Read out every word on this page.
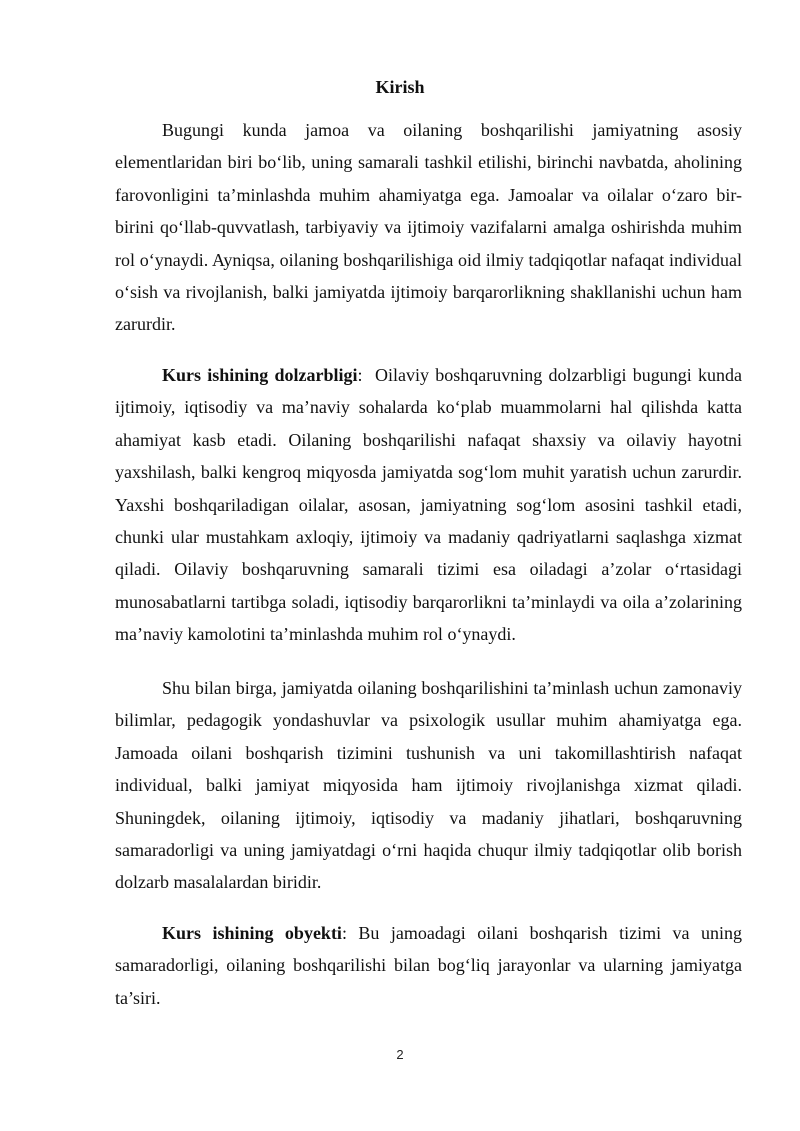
Kirish

Bugungi kunda jamoa va oilaning boshqarilishi jamiyatning asosiy elementlaridan biri bo‘lib, uning samarali tashkil etilishi, birinchi navbatda, aholining farovonligini ta’minlashda muhim ahamiyatga ega. Jamoalar va oilalar o‘zaro bir-birini qo‘llab-quvvatlash, tarbiyaviy va ijtimoiy vazifalarni amalga oshirishda muhim rol o‘ynaydi. Ayniqsa, oilaning boshqarilishiga oid ilmiy tadqiqotlar nafaqat individual o‘sish va rivojlanish, balki jamiyatda ijtimoiy barqarorlikning shakllanishi uchun ham zarurdir.

Kurs ishining dolzarbligi:  Oilaviy boshqaruvning dolzarbligi bugungi kunda ijtimoiy, iqtisodiy va ma’naviy sohalarda ko‘plab muammolarni hal qilishda katta ahamiyat kasb etadi. Oilaning boshqarilishi nafaqat shaxsiy va oilaviy hayotni yaxshilash, balki kengroq miqyosda jamiyatda sog‘lom muhit yaratish uchun zarurdir. Yaxshi boshqariladigan oilalar, asosan, jamiyatning sog‘lom asosini tashkil etadi, chunki ular mustahkam axloqiy, ijtimoiy va madaniy qadriyatlarni saqlashga xizmat qiladi. Oilaviy boshqaruvning samarali tizimi esa oiladagi a’zolar o‘rtasidagi munosabatlarni tartibga soladi, iqtisodiy barqarorlikni ta’minlaydi va oila a’zolarining ma’naviy kamolotini ta’minlashda muhim rol o‘ynaydi.

Shu bilan birga, jamiyatda oilaning boshqarilishini ta’minlash uchun zamonaviy bilimlar, pedagogik yondashuvlar va psixologik usullar muhim ahamiyatga ega. Jamoada oilani boshqarish tizimini tushunish va uni takomillashtirish nafaqat individual, balki jamiyat miqyosida ham ijtimoiy rivojlanishga xizmat qiladi. Shuningdek, oilaning ijtimoiy, iqtisodiy va madaniy jihatlari, boshqaruvning samaradorligi va uning jamiyatdagi o‘rni haqida chuqur ilmiy tadqiqotlar olib borish dolzarb masalalardan biridir.

Kurs ishining obyekti: Bu jamoadagi oilani boshqarish tizimi va uning samaradorligi, oilaning boshqarilishi bilan bog‘liq jarayonlar va ularning jamiyatga ta’siri.

2
